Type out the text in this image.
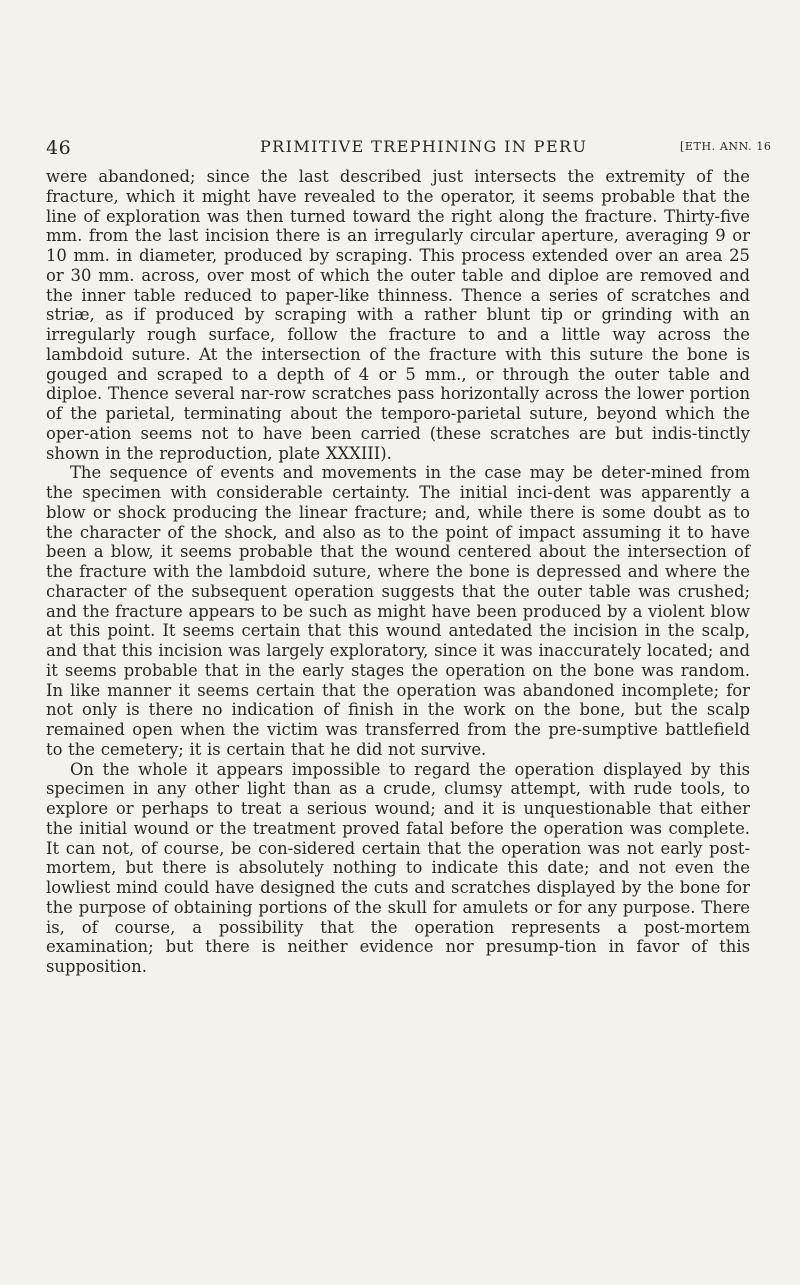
46	PRIMITIVE TREPHINING IN PERU	[ETH. ANN. 16

were abandoned; since the last described just intersects the extremity of the fracture, which it might have revealed to the operator, it seems probable that the line of exploration was then turned toward the right along the fracture. Thirty-five mm. from the last incision there is an irregularly circular aperture, averaging 9 or 10 mm. in diameter, produced by scraping. This process extended over an area 25 or 30 mm. across, over most of which the outer table and diploe are removed and the inner table reduced to paper-like thinness. Thence a series of scratches and striæ, as if produced by scraping with a rather blunt tip or grinding with an irregularly rough surface, follow the fracture to and a little way across the lambdoid suture. At the intersection of the fracture with this suture the bone is gouged and scraped to a depth of 4 or 5 mm., or through the outer table and diploe. Thence several nar-row scratches pass horizontally across the lower portion of the parietal, terminating about the temporo-parietal suture, beyond which the oper-ation seems not to have been carried (these scratches are but indis-tinctly shown in the reproduction, plate XXXIII).

The sequence of events and movements in the case may be deter-mined from the specimen with considerable certainty. The initial inci-dent was apparently a blow or shock producing the linear fracture; and, while there is some doubt as to the character of the shock, and also as to the point of impact assuming it to have been a blow, it seems probable that the wound centered about the intersection of the fracture with the lambdoid suture, where the bone is depressed and where the character of the subsequent operation suggests that the outer table was crushed; and the fracture appears to be such as might have been produced by a violent blow at this point. It seems certain that this wound antedated the incision in the scalp, and that this incision was largely exploratory, since it was inaccurately located; and it seems probable that in the early stages the operation on the bone was random. In like manner it seems certain that the operation was abandoned incomplete; for not only is there no indication of finish in the work on the bone, but the scalp remained open when the victim was transferred from the pre-sumptive battlefield to the cemetery; it is certain that he did not survive.

On the whole it appears impossible to regard the operation displayed by this specimen in any other light than as a crude, clumsy attempt, with rude tools, to explore or perhaps to treat a serious wound; and it is unquestionable that either the initial wound or the treatment proved fatal before the operation was complete. It can not, of course, be con-sidered certain that the operation was not early post-mortem, but there is absolutely nothing to indicate this date; and not even the lowliest mind could have designed the cuts and scratches displayed by the bone for the purpose of obtaining portions of the skull for amulets or for any purpose. There is, of course, a possibility that the operation represents a post-mortem examination; but there is neither evidence nor presump-tion in favor of this supposition.
